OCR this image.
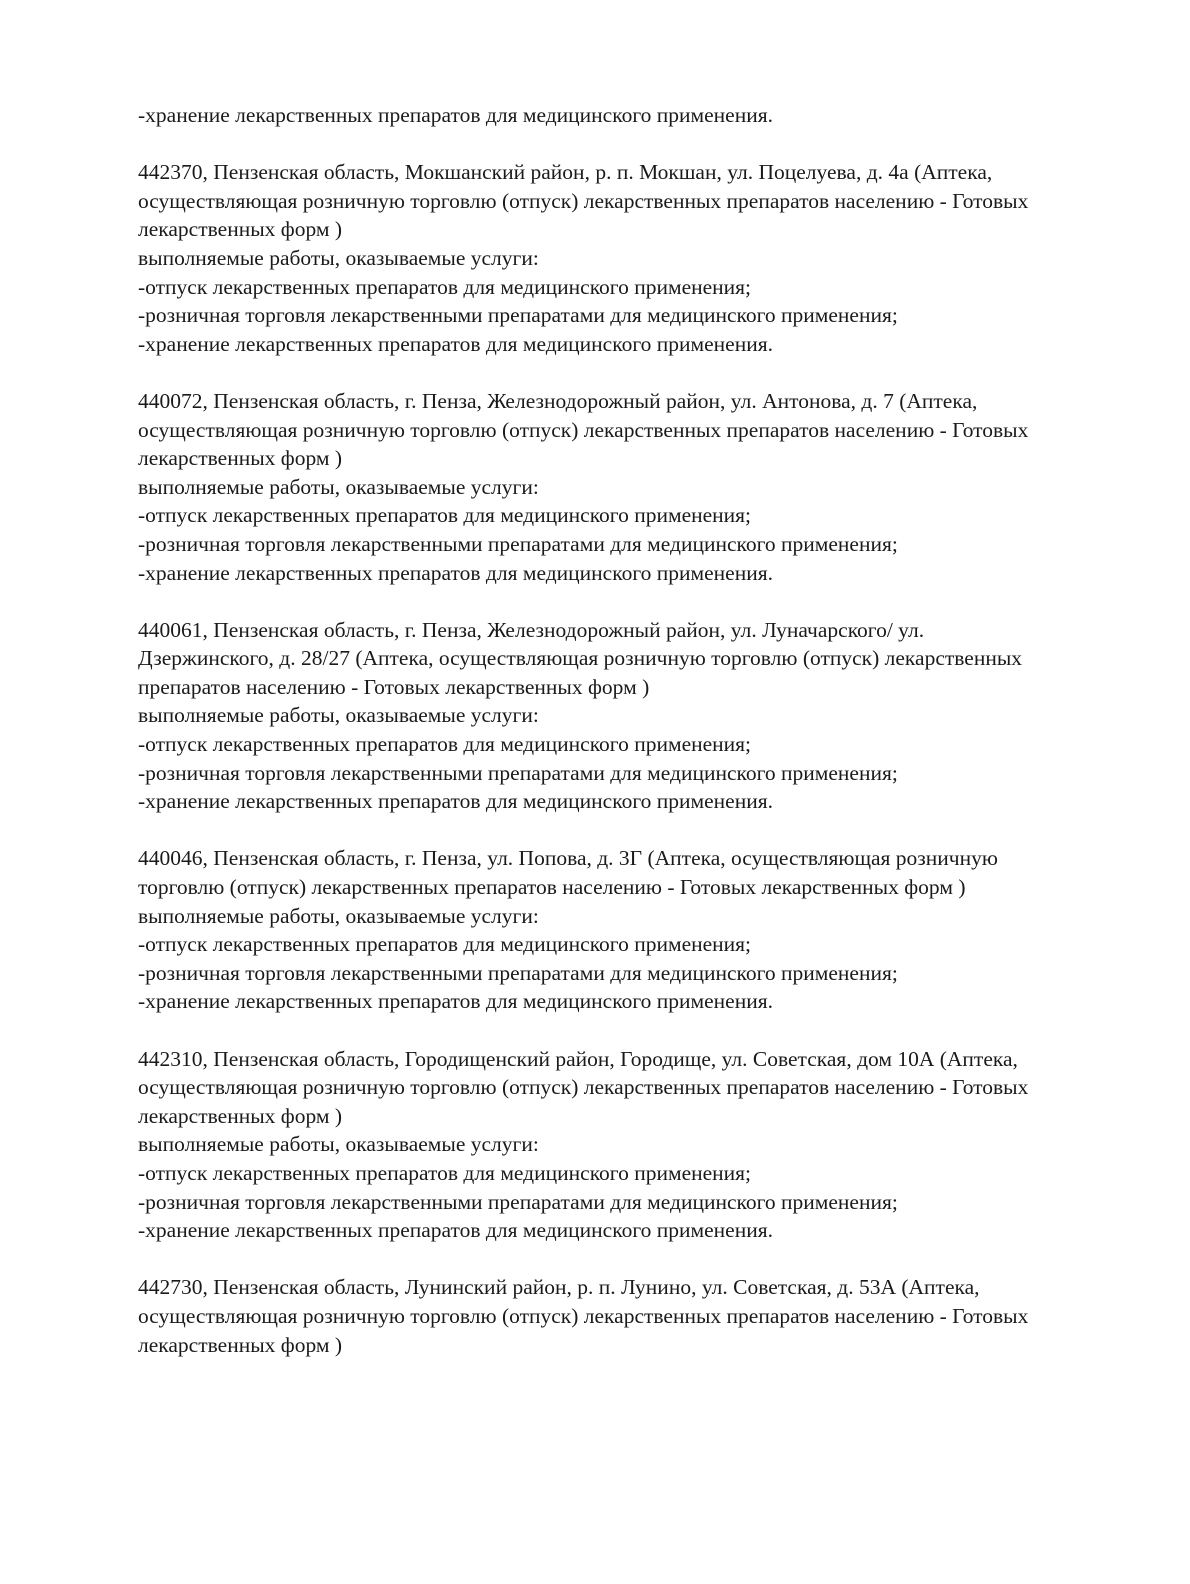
-хранение лекарственных препаратов для медицинского применения.
442370, Пензенская область, Мокшанский район, р. п. Мокшан, ул. Поцелуева, д. 4а (Аптека,
осуществляющая розничную торговлю (отпуск) лекарственных препаратов населению - Готовых
лекарственных форм )
выполняемые работы, оказываемые услуги:
-отпуск лекарственных препаратов для медицинского применения;
-розничная торговля лекарственными препаратами для медицинского применения;
-хранение лекарственных препаратов для медицинского применения.
440072, Пензенская область, г. Пенза, Железнодорожный район, ул. Антонова, д. 7 (Аптека,
осуществляющая розничную торговлю (отпуск) лекарственных препаратов населению - Готовых
лекарственных форм )
выполняемые работы, оказываемые услуги:
-отпуск лекарственных препаратов для медицинского применения;
-розничная торговля лекарственными препаратами для медицинского применения;
-хранение лекарственных препаратов для медицинского применения.
440061, Пензенская область, г. Пенза, Железнодорожный район, ул. Луначарского/ ул.
Дзержинского, д. 28/27 (Аптека, осуществляющая розничную торговлю (отпуск) лекарственных
препаратов населению - Готовых лекарственных форм )
выполняемые работы, оказываемые услуги:
-отпуск лекарственных препаратов для медицинского применения;
-розничная торговля лекарственными препаратами для медицинского применения;
-хранение лекарственных препаратов для медицинского применения.
440046, Пензенская область, г. Пенза, ул. Попова, д. 3Г (Аптека, осуществляющая розничную
торговлю (отпуск) лекарственных препаратов населению - Готовых лекарственных форм )
выполняемые работы, оказываемые услуги:
-отпуск лекарственных препаратов для медицинского применения;
-розничная торговля лекарственными препаратами для медицинского применения;
-хранение лекарственных препаратов для медицинского применения.
442310, Пензенская область, Городищенский район, Городище, ул. Советская, дом 10А (Аптека,
осуществляющая розничную торговлю (отпуск) лекарственных препаратов населению - Готовых
лекарственных форм )
выполняемые работы, оказываемые услуги:
-отпуск лекарственных препаратов для медицинского применения;
-розничная торговля лекарственными препаратами для медицинского применения;
-хранение лекарственных препаратов для медицинского применения.
442730, Пензенская область, Лунинский район, р. п. Лунино, ул. Советская, д. 53А (Аптека,
осуществляющая розничную торговлю (отпуск) лекарственных препаратов населению - Готовых
лекарственных форм )
